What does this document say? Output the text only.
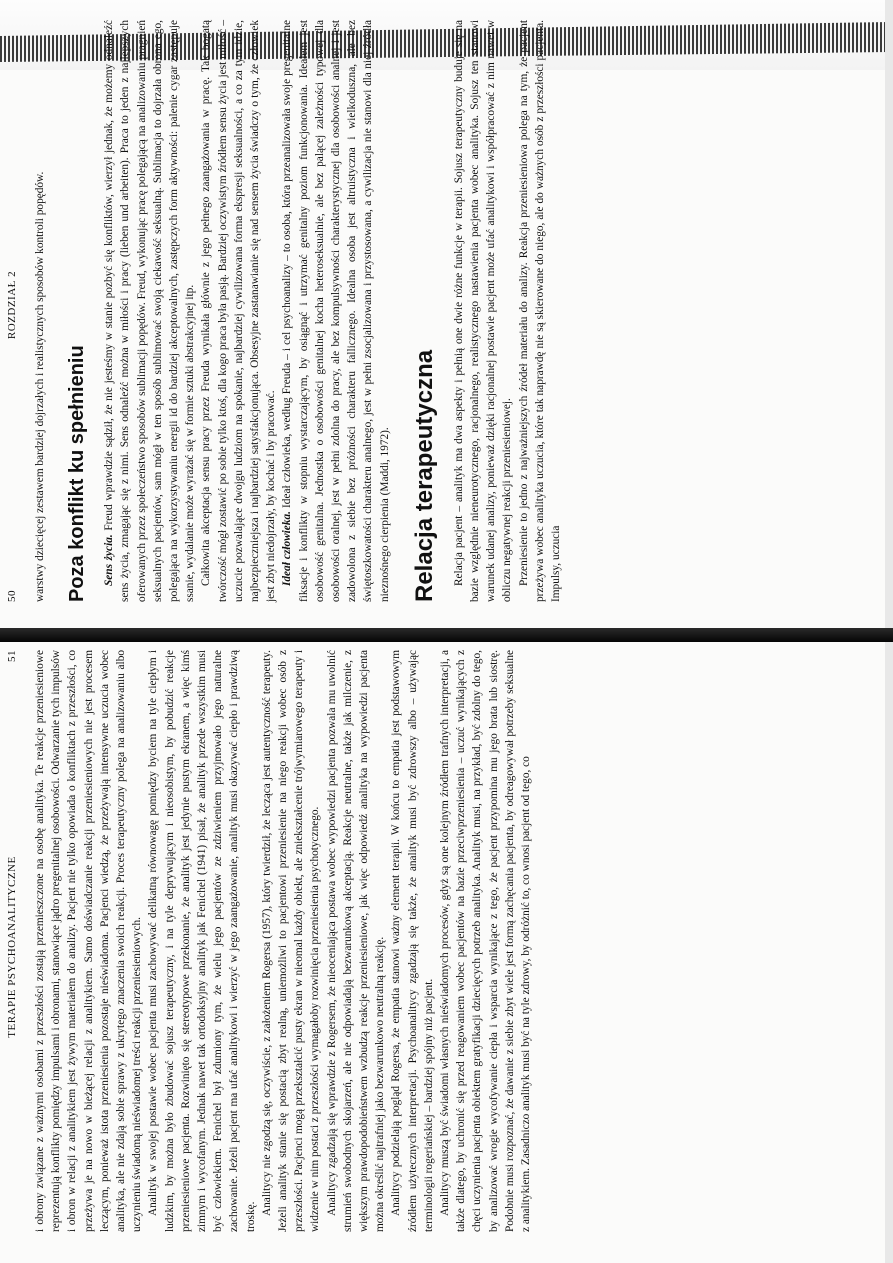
50
ROZDZIAŁ 2 warstwy dziecięcej zestawem bardziej dojrzałych i realistycznych sposobów kontroli popędów. Poza konflikt ku spełnieniu Sens życia. Freud wprawdzie sądził, że nie jesteśmy w stanie pozbyć się konfliktów, wierzył jednak, że możemy odnaleźć sens życia, zmagając się z nimi. Sens odnaleźć można w miłości i pracy (lieben und arbeiten). Praca to jeden z najlepszych oferowanych przez społeczeństwo sposobów sublimacji popędów. Freud, wykonując pracę polegającą na analizowaniu pragnień seksualnych pacjentów, sam mógł w ten sposób sublimować swoją ciekawość seksualną. Sublimacja to dojrzała obrona ego, polegająca na wykorzystywaniu energii id do bardziej akceptowalnych, zastępczych form aktywności: palenie cygar zastępuje ssanie, wydalanie może wyrażać się w formie sztuki abstrakcyjnej itp. Całkowita akceptacja sensu pracy przez Freuda wynikała głównie z jego pełnego zaangażowania w pracę. Tak bogatą twórczość mógł zostawić po sobie tylko ktoś, dla kogo praca była pasją. Bardziej oczywistym źródłem sensu życia jest miłość – uczucie pozwalające dwojgu ludziom na spokanie, najbardziej cywilizowana forma ekspresji seksualności, a co za tym idzie, najbezpieczniejsza i najbardziej satysfakcjonująca. Obsesyjne zastanawianie się nad sensem życia świadczy o tym, że człowiek jest zbyt niedojrzały, by kochać i by pracować. Ideał człowieka. Ideał człowieka, według Freuda – i cel psychoanalizy – to osoba, która przeanalizowała swoje pregenitalne fiksacje i konflikty w stopniu wystarczającym, by osiągnąć i utrzymać genitalny poziom funkcjonowania. Ideałem jest osobowość genitalna. Jednostka o osobowości genitalnej kocha heteroseksualnie, ale bez palącej zależności typowej dla osobowości oralnej, jest w pełni zdolna do pracy, ale bez kompulsywności charakterystycznej dla osobowości analnej i jest zadowolona z siebie bez próżności charakteru fallicznego. Idealna osoba jest altruistyczna i wielkoduszna, ale bez świętoszkowatości charakteru analnego, jest w pełni zsocjalizowana i przystosowana, a cywilizacja nie stanowi dla niej źródła nieznośnego cierpienia (Maddi, 1972). Relacja terapeutyczna Relacja pacjent – analityk ma dwa aspekty i pełnią one dwie różne funkcje w terapii. Sojusz terapeutyczny buduje się na bazie względnie nieneurotycznego, racjonalnego, realistycznego nastawienia pacjenta wobec analityka. Sojusz ten stanowi warunek udanej analizy, ponieważ dzięki racjonalnej postawie pacjent może ufać analitykowi i współpracować z nim nawet w obliczu negatywnej reakcji przeniesieniowej. Przeniesienie to jedno z najważniejszych źródeł materiału do analizy. Reakcja przeniesieniowa polega na tym, że pacjent przeżywa wobec analityka uczucia, które tak naprawdę nie są skierowane do niego, ale do ważnych osób z przeszłości pacjenta. Impulsy, uczucia

TERAPIE PSYCHOANALITYCZNE
51 i obrony związane z ważnymi osobami z przeszłości zostają przemieszczone na osobę analityka. Te reakcje przeniesieniowe reprezentują konflikty pomiędzy impulsami i obronami, stanowiące jądro pregenitalnej osobowości. Odwarzanie tych impulsów i obron w relacji z analitykiem jest żywym materiałem do analizy. Pacjent nie tylko opowiada o konfliktach z przeszłości, co przeżywa je na nowo w bieżącej relacji z analitykiem. Samo doświadczanie reakcji przeniesieniowych nie jest procesem leczącym, ponieważ istota przeniesienia pozostaje nieświadoma. Pacjenci wiedzą, że przeżywają intensywne uczucia wobec analityka, ale nie zdają sobie sprawy z ukrytego znaczenia swoich reakcji. Proces terapeutyczny polega na analizowaniu albo uczynieniu świadomą nieświadomej treści reakcji przeniesieniowych. Analityk w swojej postawie wobec pacjenta musi zachowywać delikatną równowagę pomiędzy byciem na tyle ciepłym i ludzkim, by można było zbudować sojusz terapeutyczny, i na tyle deprywującym i nieosobistym, by pobudzić reakcje przeniesieniowe pacjenta. Rozwinięto się stereotypowe przekonanie, że analityk jest jedynie pustym ekranem, a więc kimś zimnym i wycofanym. Jednak nawet tak ortodoksyjny analityk jak Fenichel (1941) pisał, że analityk przede wszystkim musi być człowiekiem. Fenichel był zdumiony tym, że wielu jego pacjentów ze zdziwieniem przyjmowało jego naturalne zachowanie. Jeżeli pacjent ma ufać analitykowi i wierzyć w jego zaangażowanie, analityk musi okazywać ciepło i prawdziwą troskę.

Analitycy nie zgodzą się, oczywiście, z założeniem Rogersa (1957), który twierdził, że lecząca jest autentyczność terapeuty. Jeżeli analityk stanie się postacią zbyt realną, uniemożliwi to pacjentowi przeniesienie na niego reakcji wobec osób z przeszłości. Pacjenci mogą przekształcić pusty ekran w nieomal każdy obiekt, ale zniekształcenie trójwymiarowego terapeuty i widzenie w nim postaci z przeszłości wymagałoby rozwinięcia przeniesienia psychotycznego. Analitycy zgadzają się wprawdzie z Rogersem, że nieoceniająca postawa wobec wypowiedzi pacjenta pozwala mu uwolnić strumień swobodnych skojarzeń, ale nie odpowiadają bezwarunkową akceptacją. Reakcje neutralne, także jak milczenie, z większym prawdopodobieństwem wzbudzą reakcje przeniesieniowe, jak więc odpowiedź analityka na wypowiedzi pacjenta można określić najtrafniej jako bezwarunkowo neutralną reakcję. Analitycy podzielają pogląd Rogersa, że empatia stanowi ważny element terapii. W końcu to empatia jest podstawowym źródłem użytecznych interpretacji. Psychoanalitycy zgadzają się także, że analityk musi być zdrowszy albo – używając terminologii rogeriańskiej – bardziej spójny niż pacjent. Analitycy muszą być świadomi własnych nieświadomych procesów, gdyż są one kolejnym źródłem trafnych interpretacji, a także dlatego, by uchronić się przed reagowaniem wobec pacjentów na bazie przeciwprzeniesienia – uczuć wynikających z chęci uczynienia pacjenta obiektem gratyfikacji dziecięcych potrzeb analityka. Analityk musi, na przykład, być zdolny do tego, by analizować wrogie wycofywanie ciepła i wsparcia wynikające z tego, że pacjent przypomina mu jego brata lub siostrę. Podobnie musi rozpoznać, że dawanie z siebie zbyt wiele jest formą zachęcania pacjenta, by odreagowywał potrzeby seksualne z analitykiem. Zasadniczo analityk musi być na tyle zdrowy, by odróżnić to, co wnosi pacjent od tego, co
